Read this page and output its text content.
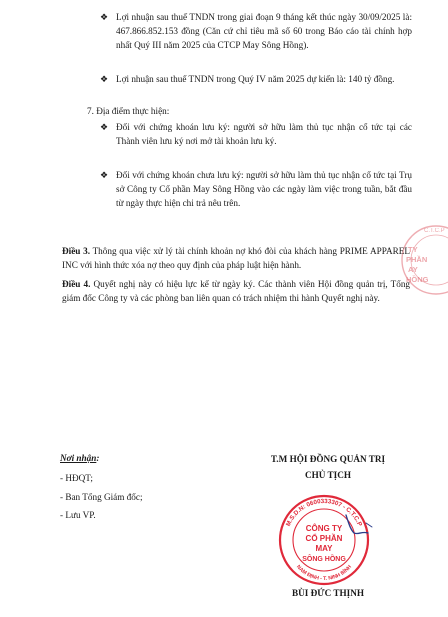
❖ Lợi nhuận sau thuế TNDN trong giai đoạn 9 tháng kết thúc ngày 30/09/2025 là: 467.866.852.153 đồng (Căn cứ chỉ tiêu mã số 60 trong Báo cáo tài chính hợp nhất Quý III năm 2025 của CTCP May Sông Hồng).
❖ Lợi nhuận sau thuế TNDN trong Quý IV năm 2025 dự kiến là: 140 tỷ đồng.
7. Địa điểm thực hiện:
❖ Đối với chứng khoán lưu ký: người sở hữu làm thủ tục nhận cổ tức tại các Thành viên lưu ký nơi mở tài khoản lưu ký.
❖ Đối với chứng khoán chưa lưu ký: người sở hữu làm thủ tục nhận cổ tức tại Trụ sở Công ty Cổ phần May Sông Hồng vào các ngày làm việc trong tuần, bắt đầu từ ngày thực hiện chi trả nêu trên.
C.T.C.P
TY
PHẦN
AY
HỒNG
Điều 3. Thông qua việc xử lý tài chính khoản nợ khó đòi của khách hàng PRIME APPAREL INC với hình thức xóa nợ theo quy định của pháp luật hiện hành.
Điều 4. Quyết nghị này có hiệu lực kể từ ngày ký. Các thành viên Hội đồng quản trị, Tổng giám đốc Công ty và các phòng ban liên quan có trách nhiệm thi hành Quyết nghị này.
Nơi nhận:
- HĐQT;
- Ban Tổng Giám đốc;
- Lưu VP.
T.M HỘI ĐỒNG QUẢN TRỊ
CHỦ TỊCH
M.S.D.N: 0600333307 - C.T.C.P
NAM ĐỊNH - T. NINH BÌNH
CÔNG TY
CỔ PHẦN
MAY
SÔNG HỒNG
BÙI ĐỨC THỊNH
